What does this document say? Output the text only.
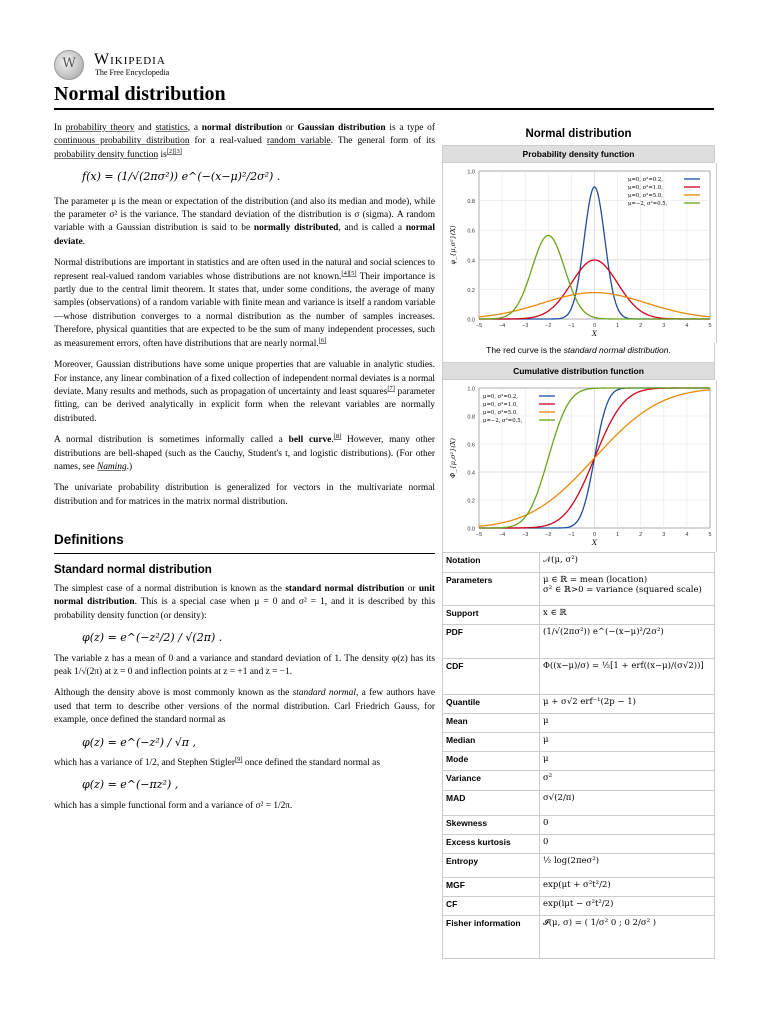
W
Wikipedia
The Free Encyclopedia
Normal distribution

In probability theory and statistics, a normal distribution or Gaussian distribution is a type of continuous probability distribution for a real-valued random variable. The general form of its probability density function is[2][3]

f(x) = (1/√(2πσ²)) e^(−(x−μ)²/2σ²) .

The parameter μ is the mean or expectation of the distribution (and also its median and mode), while the parameter σ² is the variance. The standard deviation of the distribution is σ (sigma). A random variable with a Gaussian distribution is said to be normally distributed, and is called a normal deviate.

Normal distributions are important in statistics and are often used in the natural and social sciences to represent real-valued random variables whose distributions are not known.[4][5] Their importance is partly due to the central limit theorem. It states that, under some conditions, the average of many samples (observations) of a random variable with finite mean and variance is itself a random variable—whose distribution converges to a normal distribution as the number of samples increases. Therefore, physical quantities that are expected to be the sum of many independent processes, such as measurement errors, often have distributions that are nearly normal.[6]

Moreover, Gaussian distributions have some unique properties that are valuable in analytic studies. For instance, any linear combination of a fixed collection of independent normal deviates is a normal deviate. Many results and methods, such as propagation of uncertainty and least squares[7] parameter fitting, can be derived analytically in explicit form when the relevant variables are normally distributed.

A normal distribution is sometimes informally called a bell curve.[8] However, many other distributions are bell-shaped (such as the Cauchy, Student's t, and logistic distributions). (For other names, see Naming.)

The univariate probability distribution is generalized for vectors in the multivariate normal distribution and for matrices in the matrix normal distribution.

Definitions
Standard normal distribution

The simplest case of a normal distribution is known as the standard normal distribution or unit normal distribution. This is a special case when μ = 0 and σ² = 1, and it is described by this probability density function (or density):

φ(z) = e^(−z²/2) / √(2π) .

The variable z has a mean of 0 and a variance and standard deviation of 1. The density φ(z) has its peak 1/√(2π) at z = 0 and inflection points at z = +1 and z = −1.

Although the density above is most commonly known as the standard normal, a few authors have used that term to describe other versions of the normal distribution. Carl Friedrich Gauss, for example, once defined the standard normal as

φ(z) = e^(−z²) / √π ,

which has a variance of 1/2, and Stephen Stigler[9] once defined the standard normal as

φ(z) = e^(−πz²) ,

which has a simple functional form and a variance of σ² = 1/2π.

Normal distribution
Probability density function
0.0
0.2
0.4
0.6
0.8
1.0
−5	−4	−3	−2	−1	0	1	2	3	4	5
X
φ_{μ,σ²}(X)
μ=0, σ²=0.2,
μ=0, σ²=1.0,
μ=0, σ²=5.0,
μ=−2, σ²=0.5,
The red curve is the standard normal distribution.
Cumulative distribution function
0.0
0.2
0.4
0.6
0.8
1.0
−5	−4	−3	−2	−1	0	1	2	3	4	5
X
Φ_{μ,σ²}(X)
μ=0, σ²=0.2,
μ=0, σ²=1.0,
μ=0, σ²=5.0,
μ=−2, σ²=0.5,
Notation	𝒩(μ, σ²)

Parameters	μ ∈ ℝ = mean (location)
σ² ∈ ℝ>0 = variance (squared scale)

Support	x ∈ ℝ

PDF	(1/√(2πσ²)) e^(−(x−μ)²/2σ²)

CDF	Φ((x−μ)/σ) = ½[1 + erf((x−μ)/(σ√2))]

Quantile	μ + σ√2 erf⁻¹(2p − 1)

Mean	μ

Median	μ

Mode	μ

Variance	σ²

MAD	σ√(2/π)

Skewness	0

Excess kurtosis	0

Entropy	½ log(2πeσ²)

MGF	exp(μt + σ²t²/2)

CF	exp(iμt − σ²t²/2)

Fisher information	𝓘(μ, σ) = ( 1/σ² 0 ; 0 2/σ² )
